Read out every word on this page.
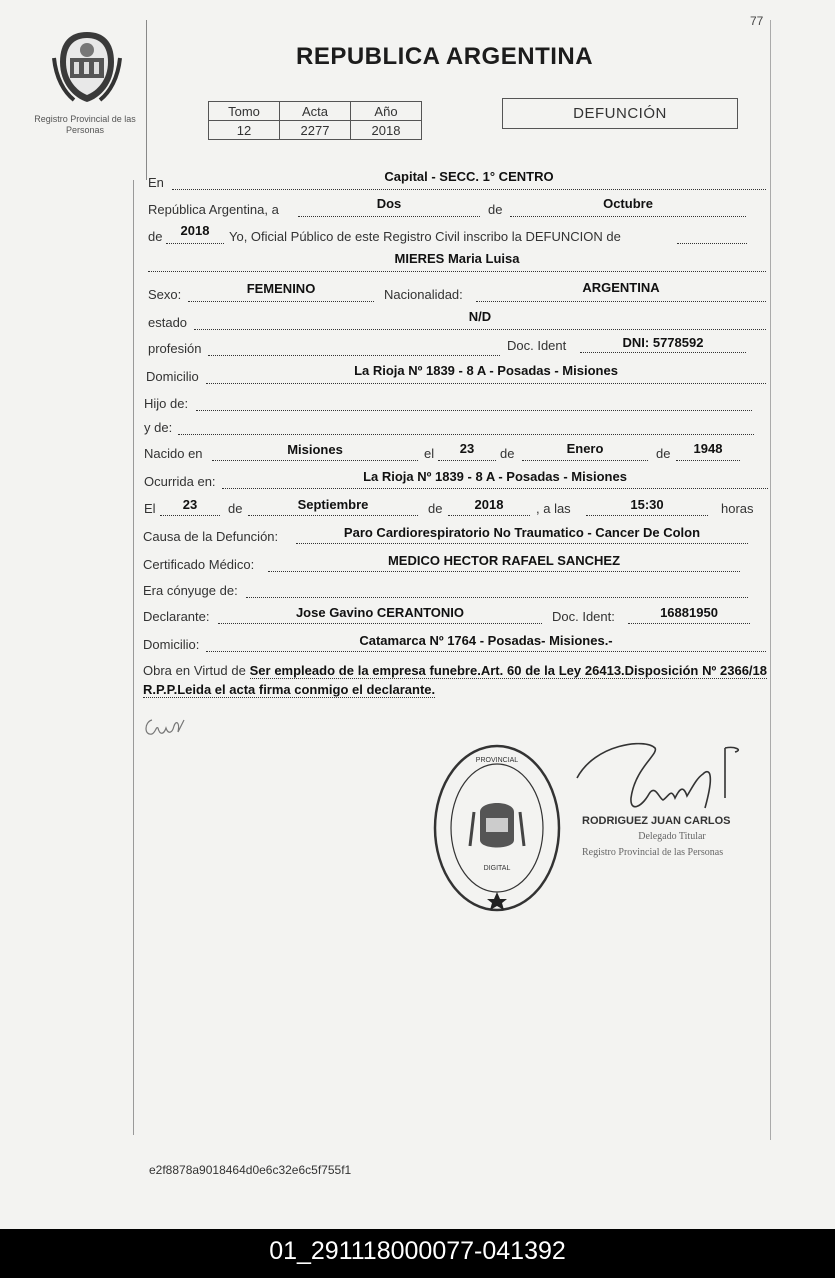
77
Registro Provincial de las Personas
REPUBLICA ARGENTINA
Tomo	Acta	Año
12	2277	2018
DEFUNCIÓN
En	Capital - SECC. 1° CENTRO
República Argentina, a	Dos	de	Octubre
de	2018	Yo, Oficial Público de este Registro Civil inscribo la DEFUNCION de
MIERES Maria Luisa
Sexo:	FEMENINO	Nacionalidad:	ARGENTINA
estado	N/D
profesión	Doc. Ident	DNI: 5778592
Domicilio	La Rioja Nº 1839 - 8 A - Posadas - Misiones
Hijo de:
y de:
Nacido en	Misiones	el	23	de	Enero	de	1948
Ocurrida en:	La Rioja Nº 1839 - 8 A - Posadas - Misiones
El	23	de	Septiembre	de	2018	, a las	15:30	horas
Causa de la Defunción:	Paro Cardiorespiratorio No Traumatico - Cancer De Colon
Certificado Médico:	MEDICO HECTOR RAFAEL SANCHEZ
Era cónyuge de:
Declarante:	Jose Gavino CERANTONIO	Doc. Ident:	16881950
Domicilio:	Catamarca Nº 1764 - Posadas- Misiones.-
Obra en Virtud de Ser empleado de la empresa funebre.Art. 60 de la Ley 26413.Disposición Nº 2366/18 R.P.P.Leida el acta firma conmigo el declarante.
PROVINCIAL
DIGITAL
RODRIGUEZ JUAN CARLOS
Delegado Titular
Registro Provincial de las Personas
e2f8878a9018464d0e6c32e6c5f755f1
01_291118000077-041392
